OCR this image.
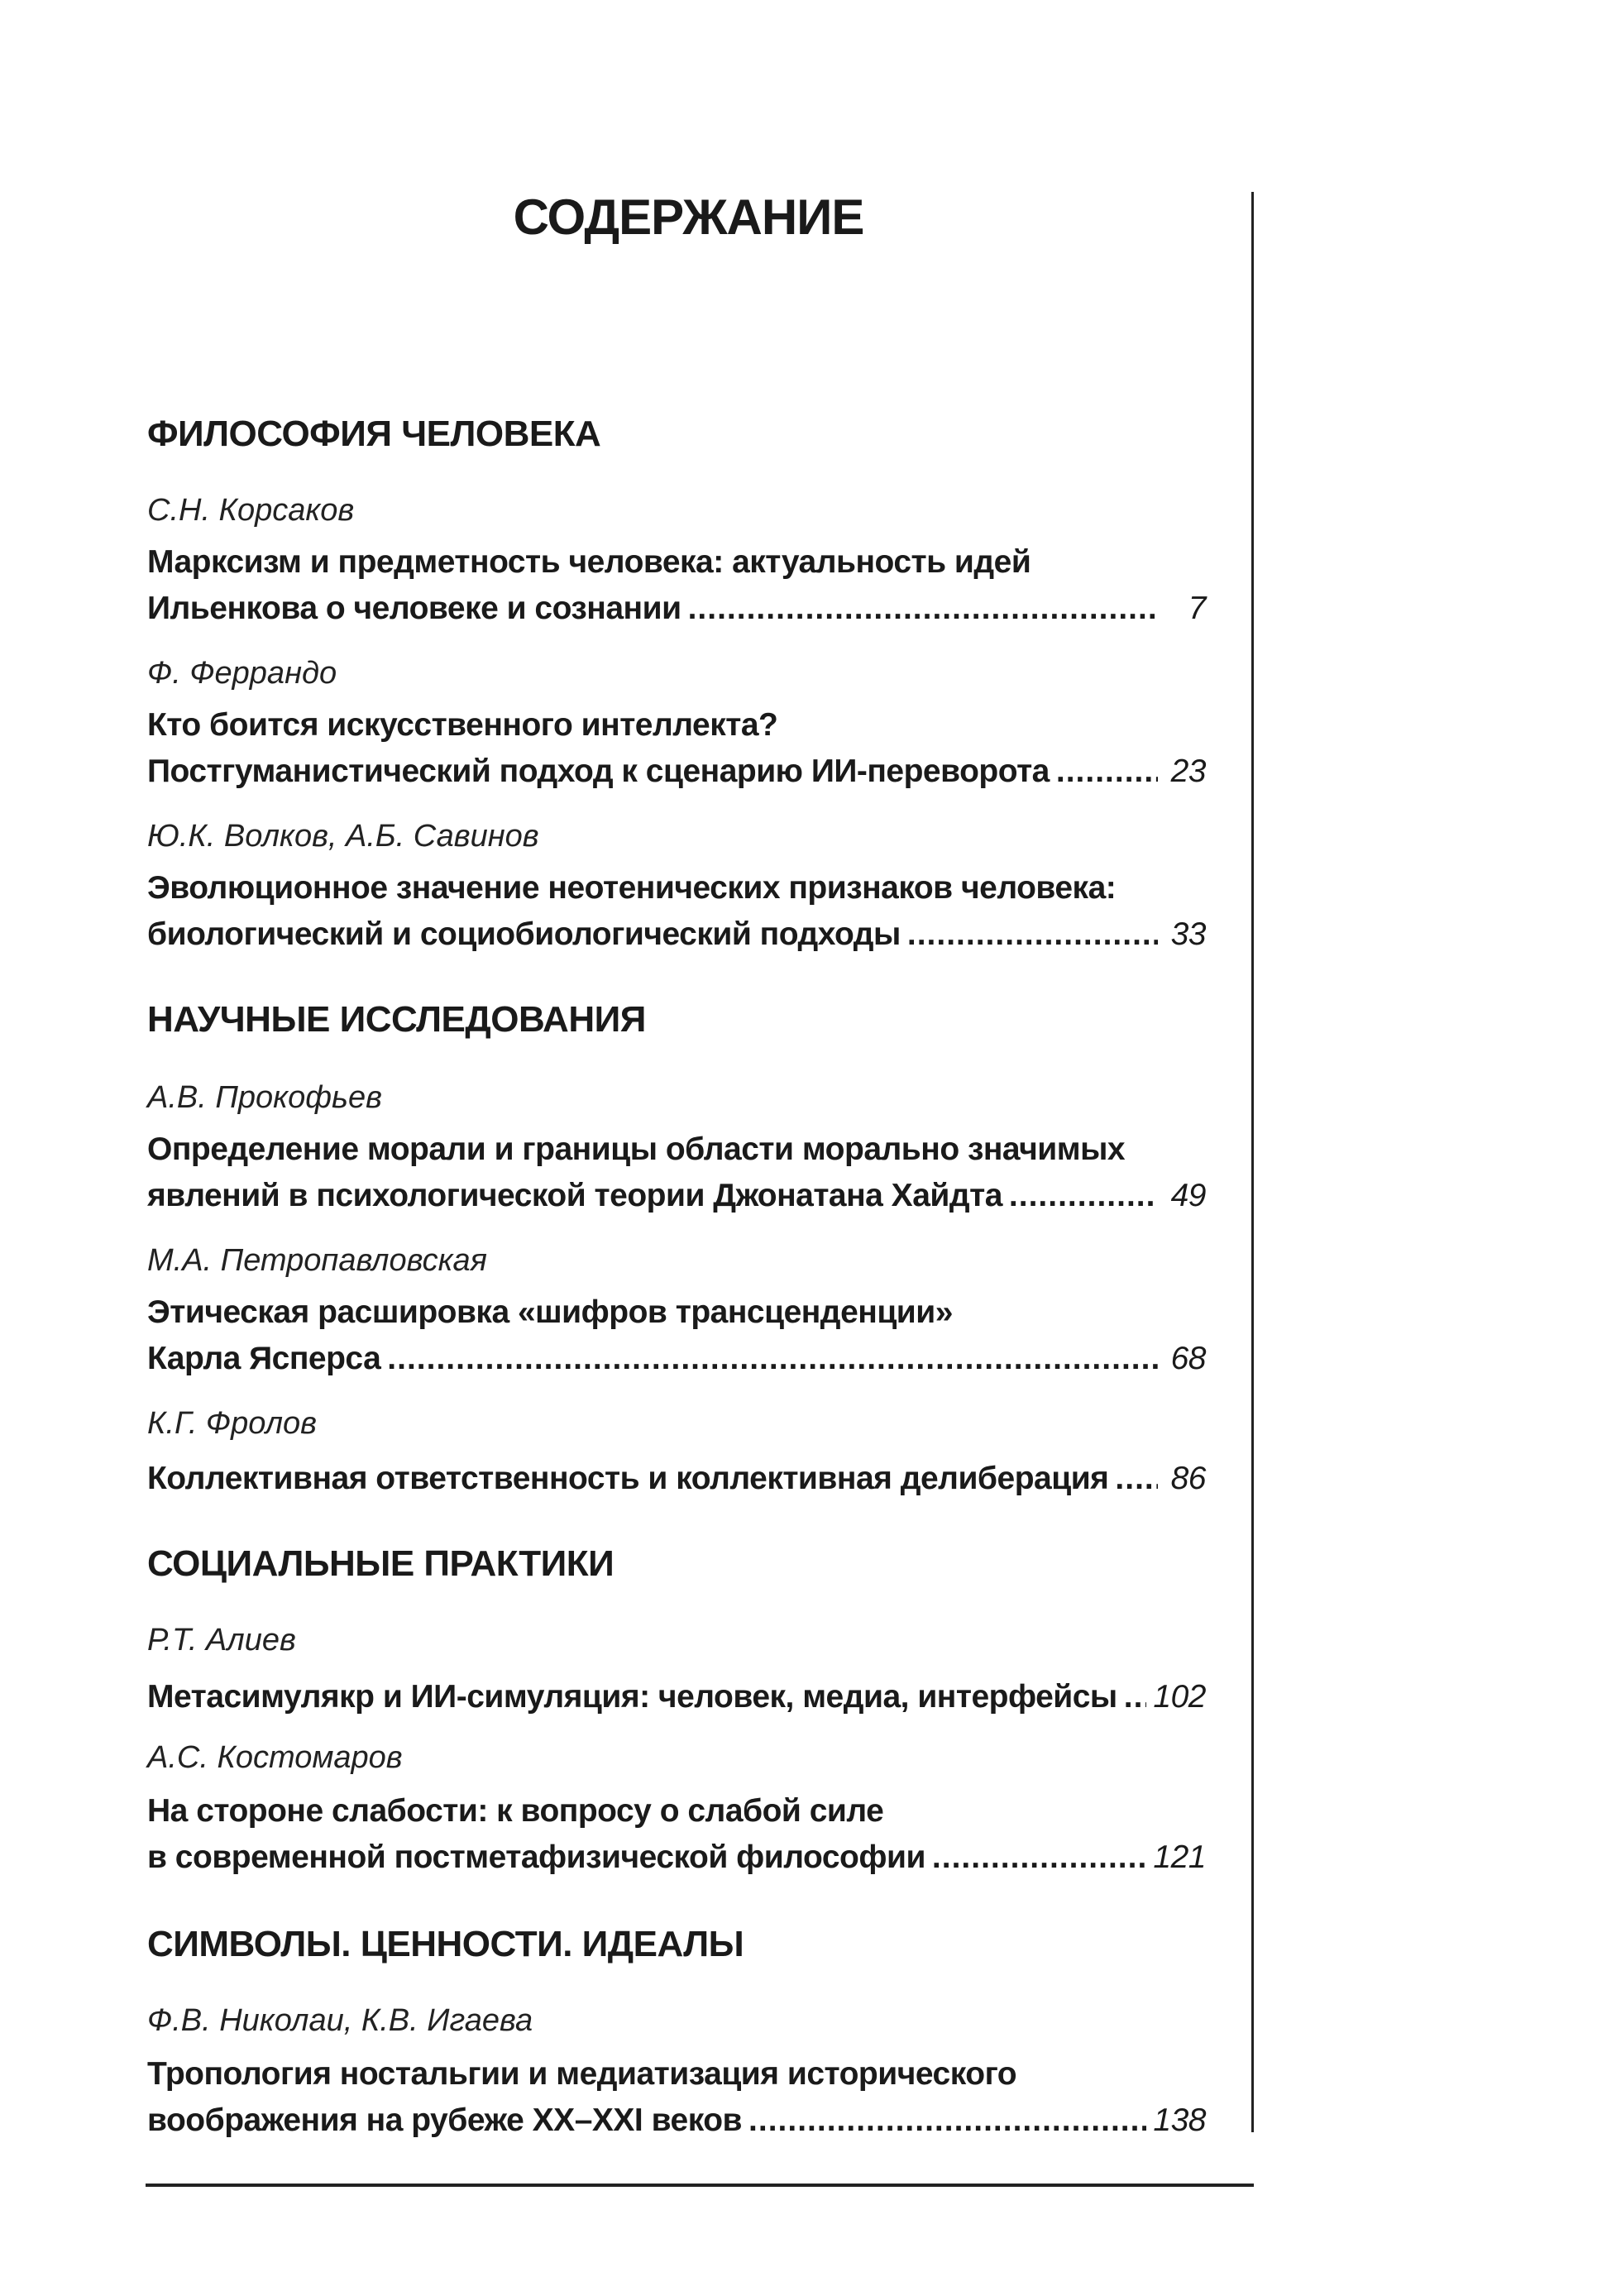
СОДЕРЖАНИЕ
ФИЛОСОФИЯ ЧЕЛОВЕКА
С.Н. Корсаков
Марксизм и предметность человека: актуальность идей
Ильенкова о человеке и сознании .....	7
Ф. Феррандо
Кто боится искусственного интеллекта?
Постгуманистический подход к сценарию ИИ-переворота .....	23
Ю.К. Волков, А.Б. Савинов
Эволюционное значение неотенических признаков человека:
биологический и социобиологический подходы .....	33
НАУЧНЫЕ ИССЛЕДОВАНИЯ
А.В. Прокофьев
Определение морали и границы области морально значимых
явлений в психологической теории Джонатана Хайдта .....	49
М.А. Петропавловская
Этическая расшировка «шифров трансценденции»
Карла Ясперса .....	68
К.Г. Фролов
Коллективная ответственность и коллективная делиберация ..... 86
СОЦИАЛЬНЫЕ ПРАКТИКИ
Р.Т. Алиев
Метасимулякр и ИИ-симуляция: человек, медиа, интерфейсы ..... 102
А.С. Костомаров
На стороне слабости: к вопросу о слабой силе
в современной постметафизической философии .....	121
СИМВОЛЫ. ЦЕННОСТИ. ИДЕАЛЫ
Ф.В. Николаи, К.В. Игаева
Тропология ностальгии и медиатизация исторического
воображения на рубеже XX–XXI веков .....	138
